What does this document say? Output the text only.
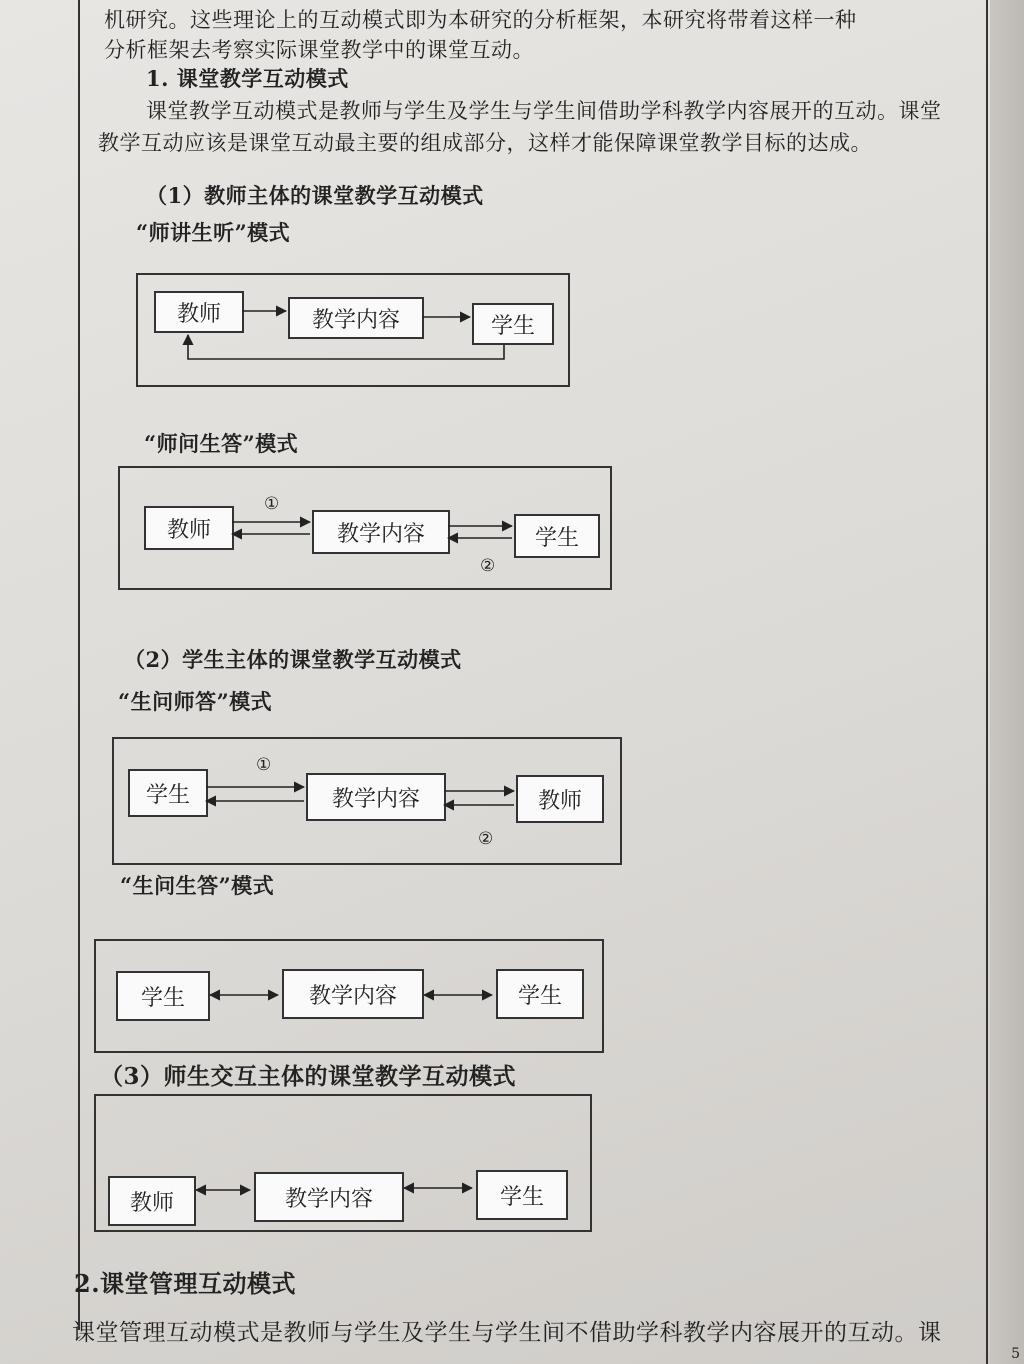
机研究。这些理论上的互动模式即为本研究的分析框架，本研究将带着这样一种
分析框架去考察实际课堂教学中的课堂互动。
1. 课堂教学互动模式
课堂教学互动模式是教师与学生及学生与学生间借助学科教学内容展开的互动。课堂
教学互动应该是课堂互动最主要的组成部分，这样才能保障课堂教学目标的达成。
（1）教师主体的课堂教学互动模式
“师讲生听”模式
教师	教学内容	学生
“师问生答”模式
教师	教学内容	学生
①
②
（2）学生主体的课堂教学互动模式
“生问师答”模式
学生	教学内容	教师
①
②
“生问生答”模式
学生	教学内容	学生
（3）师生交互主体的课堂教学互动模式
教师	教学内容	学生
2.课堂管理互动模式
课堂管理互动模式是教师与学生及学生与学生间不借助学科教学内容展开的互动。课
5
